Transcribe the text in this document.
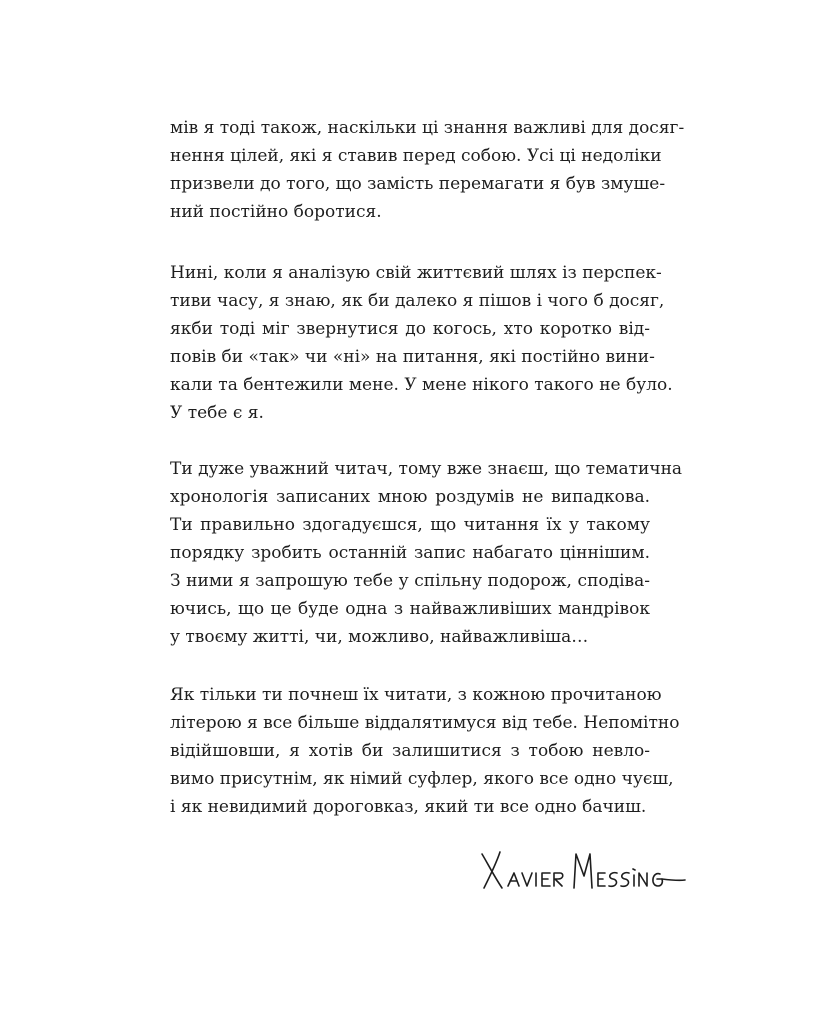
мів я тоді також, наскільки ці знання важливі для досяг-
нення цілей, які я ставив перед собою. Усі ці недоліки
призвели до того, що замість перемагати я був змуше-
ний постійно боротися.
Нині, коли я аналізую свій життєвий шлях із перспек-
тиви часу, я знаю, як би далеко я пішов і чого б досяг,
якби тоді міг звернутися до когось, хто коротко від-
повів би «так» чи «ні» на питання, які постійно вини-
кали та бентежили мене. У мене нікого такого не було.
У тебе є я.
Ти дуже уважний читач, тому вже знаєш, що тематична
хронологія записаних мною роздумів не випадкова.
Ти правильно здогадуєшся, що читання їх у такому
порядку зробить останній запис набагато ціннішим.
З ними я запрошую тебе у спільну подорож, сподіва-
ючись, що це буде одна з найважливіших мандрівок
у твоєму житті, чи, можливо, найважливіша…
Як тільки ти почнеш їх читати, з кожною прочитаною
літерою я все більше віддалятимуся від тебе. Непомітно
відійшовши, я хотів би залишитися з тобою невло-
вимо присутнім, як німий суфлер, якого все одно чуєш,
і як невидимий дороговказ, який ти все одно бачиш.
